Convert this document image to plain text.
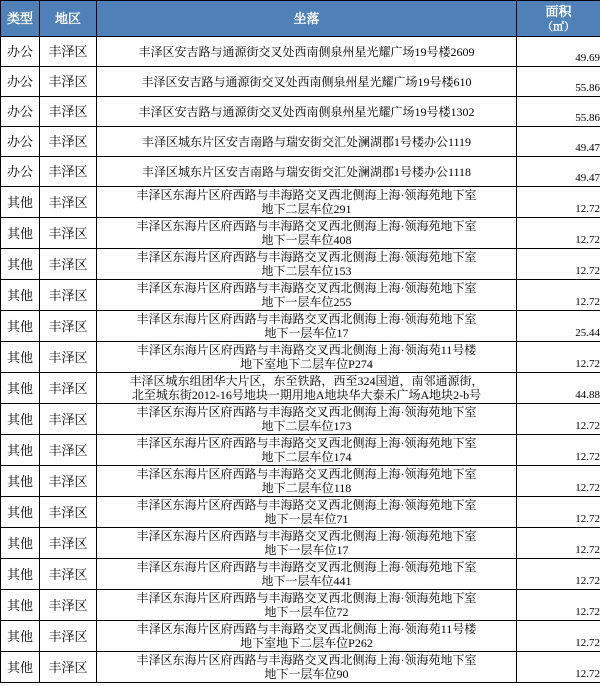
类型	地区	坐落	面积
（㎡）

办公	丰泽区	丰泽区安吉路与通源街交叉处西南侧泉州星光耀广场19号楼2609	49.69
办公	丰泽区	丰泽区安吉路与通源街交叉处西南侧泉州星光耀广场19号楼610	55.86
办公	丰泽区	丰泽区安吉路与通源街交叉处西南侧泉州星光耀广场19号楼1302	55.86
办公	丰泽区	丰泽区城东片区安吉南路与瑞安街交汇处澜湖郡1号楼办公1119	49.47
办公	丰泽区	丰泽区城东片区安吉南路与瑞安街交汇处澜湖郡1号楼办公1118	49.47
其他	丰泽区	丰泽区东海片区府西路与丰海路交叉西北侧海上海·领海苑地下室
地下二层车位291	12.72
其他	丰泽区	丰泽区东海片区府西路与丰海路交叉西北侧海上海·领海苑地下室
地下一层车位408	12.72
其他	丰泽区	丰泽区东海片区府西路与丰海路交叉西北侧海上海·领海苑地下室
地下二层车位153	12.72
其他	丰泽区	丰泽区东海片区府西路与丰海路交叉西北侧海上海·领海苑地下室
地下一层车位255	12.72
其他	丰泽区	丰泽区东海片区府西路与丰海路交叉西北侧海上海·领海苑地下室
地下一层车位17	25.44
其他	丰泽区	丰泽区东海片区府西路与丰海路交叉西北侧海上海·领海苑11号楼
地下室地下二层车位P274	12.72
其他	丰泽区	丰泽区城东组团华大片区，东至铁路，西至324国道，南邻通源街，
北至城东街2012-16号地块一期用地A地块华大泰禾广场A地块2-b号	44.88
其他	丰泽区	丰泽区东海片区府西路与丰海路交叉西北侧海上海·领海苑地下室
地下二层车位173	12.72
其他	丰泽区	丰泽区东海片区府西路与丰海路交叉西北侧海上海·领海苑地下室
地下二层车位174	12.72
其他	丰泽区	丰泽区东海片区府西路与丰海路交叉西北侧海上海·领海苑地下室
地下二层车位118	12.72
其他	丰泽区	丰泽区东海片区府西路与丰海路交叉西北侧海上海·领海苑地下室
地下一层车位71	12.72
其他	丰泽区	丰泽区东海片区府西路与丰海路交叉西北侧海上海·领海苑地下室
地下一层车位17	12.72
其他	丰泽区	丰泽区东海片区府西路与丰海路交叉西北侧海上海·领海苑地下室
地下一层车位441	12.72
其他	丰泽区	丰泽区东海片区府西路与丰海路交叉西北侧海上海·领海苑地下室
地下一层车位72	12.72
其他	丰泽区	丰泽区东海片区府西路与丰海路交叉西北侧海上海·领海苑11号楼
地下室地下二层车位P262	12.72
其他	丰泽区	丰泽区东海片区府西路与丰海路交叉西北侧海上海·领海苑地下室
地下一层车位90	12.72
